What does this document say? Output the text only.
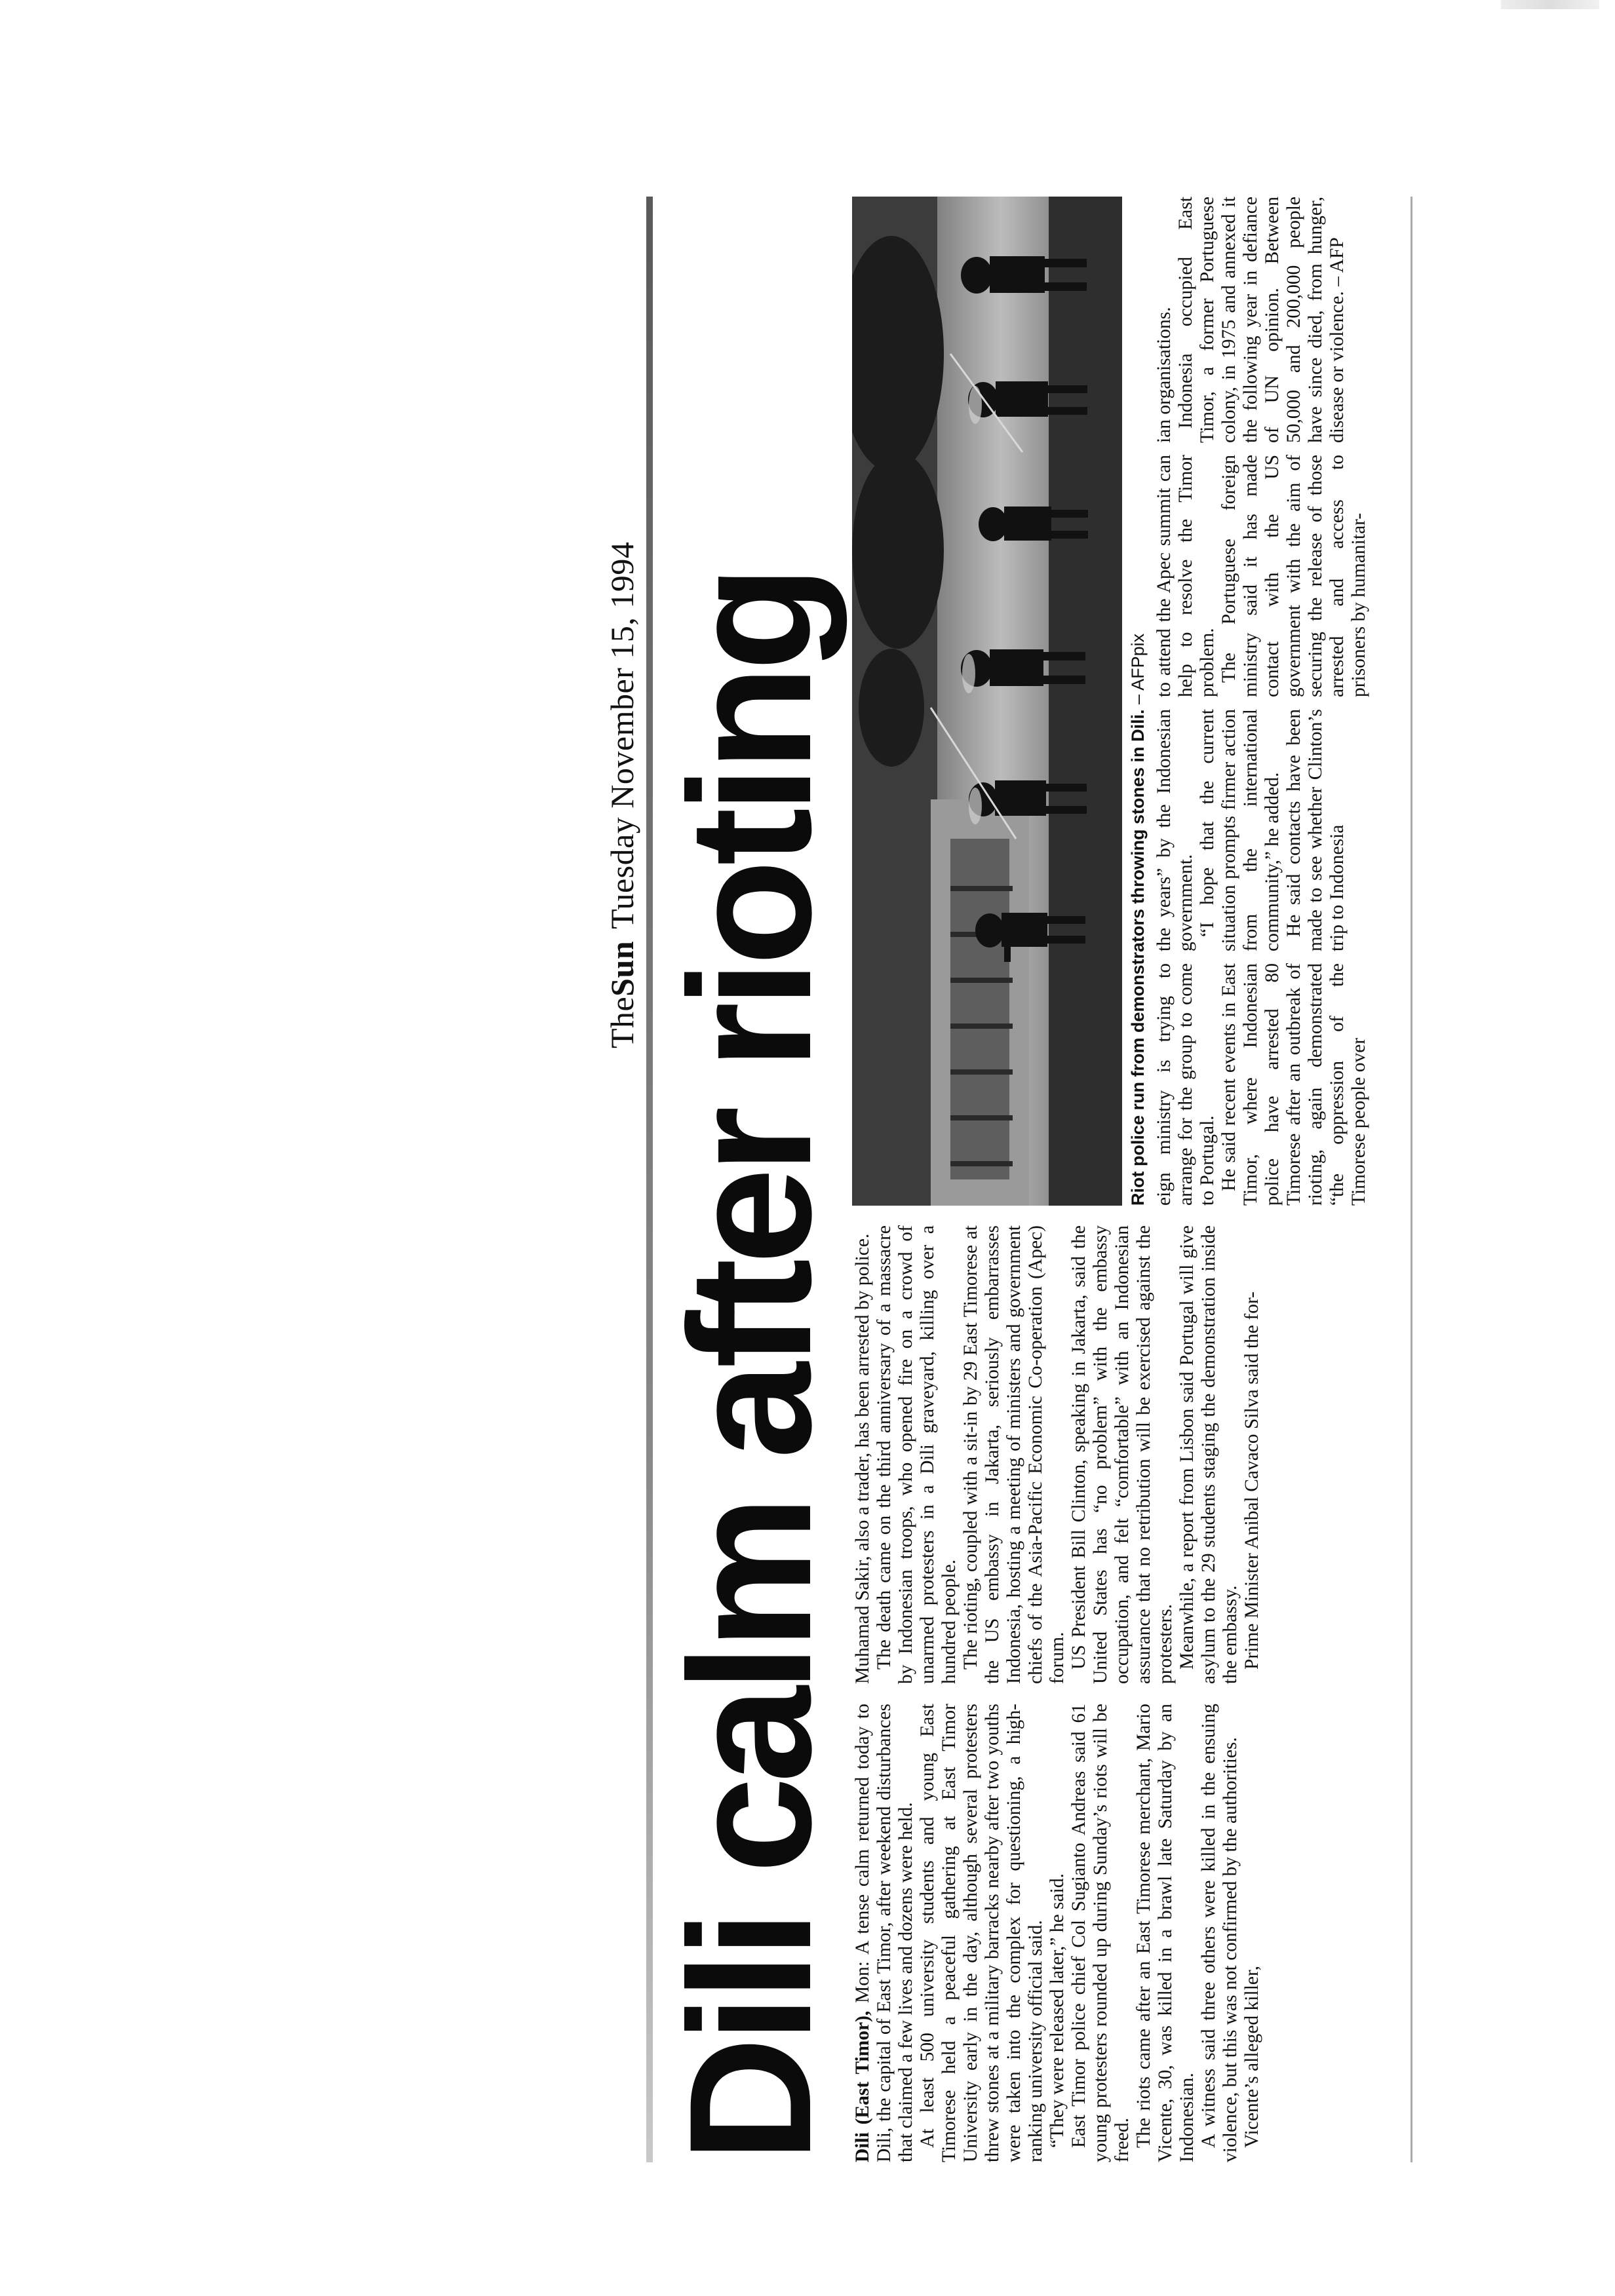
TheSunTuesday November 15, 1994 Dili calm after rioting Dili (East Timor), Mon: A tense calm returned today to Dili, the capital of East Timor, after weekend disturbances that claimed a few lives and dozens were held. At least 500 university students and young East Timorese held a peaceful gathering at East Timor University early in the day, although several protesters threw stones at a military barracks nearby after two youths were taken into the complex for questioning, a high-ranking university official said. “They were released later,” he said. East Timor police chief Col Sugianto Andreas said 61 young protesters rounded up during Sunday’s riots will be freed. The riots came after an East Timorese merchant, Mario Vicente, 30, was killed in a brawl late Saturday by an Indonesian. A witness said three others were killed in the ensuing violence, but this was not confirmed by the authorities. Vicente’s alleged killer,

Muhamad Sakir, also a trader, has been arrested by police. The death came on the third anniversary of a massacre by Indonesian troops, who opened fire on a crowd of unarmed protesters in a Dili graveyard, killing over a hundred people. The rioting, coupled with a sit-in by 29 East Timorese at the US embassy in Jakarta, seriously embarrasses Indonesia, hosting a meeting of ministers and government chiefs of the Asia-Pacific Economic Co-operation (Apec) forum. US President Bill Clinton, speaking in Jakarta, said the United States has “no problem” with the embassy occupation, and felt “comfortable” with an Indonesian assurance that no retribution will be exercised against the protesters. Meanwhile, a report from Lisbon said Portugal will give asylum to the 29 students staging the demonstration inside the embassy. Prime Minister Anibal Cavaco Silva said the for-

Riot police run from demonstrators throwing stones in Dili. – AFPpix

eign ministry is trying to arrange for the group to come to Portugal. He said recent events in East Timor, where Indonesian police have arrested 80 Timorese after an outbreak of rioting, again demonstrated “the oppression of the Timorese people over

the years” by the Indonesian government. “I hope that the current situation prompts firmer action from the international community,” he added. He said contacts have been made to see whether Clinton’s trip to Indonesia

to attend the Apec summit can help to resolve the Timor problem. The Portuguese foreign ministry said it has made contact with the US government with the aim of securing the release of those arrested and access to prisoners by humanitar-

ian organisations. Indonesia occupied East Timor, a former Portuguese colony, in 1975 and annexed it the following year in defiance of UN opinion. Between 50,000 and 200,000 people have since died, from hunger, disease or violence. – AFP
